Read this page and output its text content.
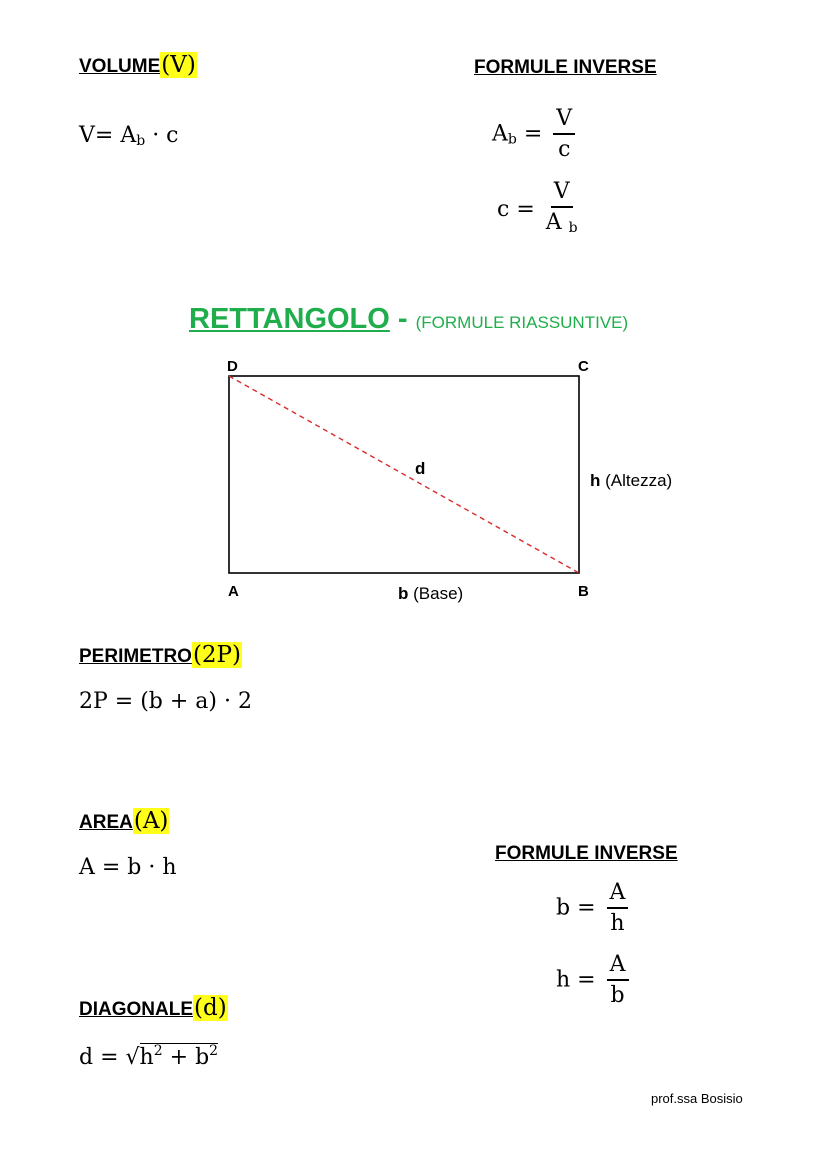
VOLUME(V)
$V= A_b \cdot c$
FORMULE INVERSE
$A_b = \frac{V}{c}$
$c = \frac{V}{A _b}$
RETTANGOLO - (FORMULE RIASSUNTIVE)
D	C
A	B
d
b (Base)
h (Altezza)
PERIMETRO(2P)
2P = (b + a) · 2
AREA(A)
A = b · h
FORMULE INVERSE
$b = \frac{A}{h}$
$h = \frac{A}{b}$
DIAGONALE(d)
$d = √h^2 + b^2$
prof.ssa Bosisio
